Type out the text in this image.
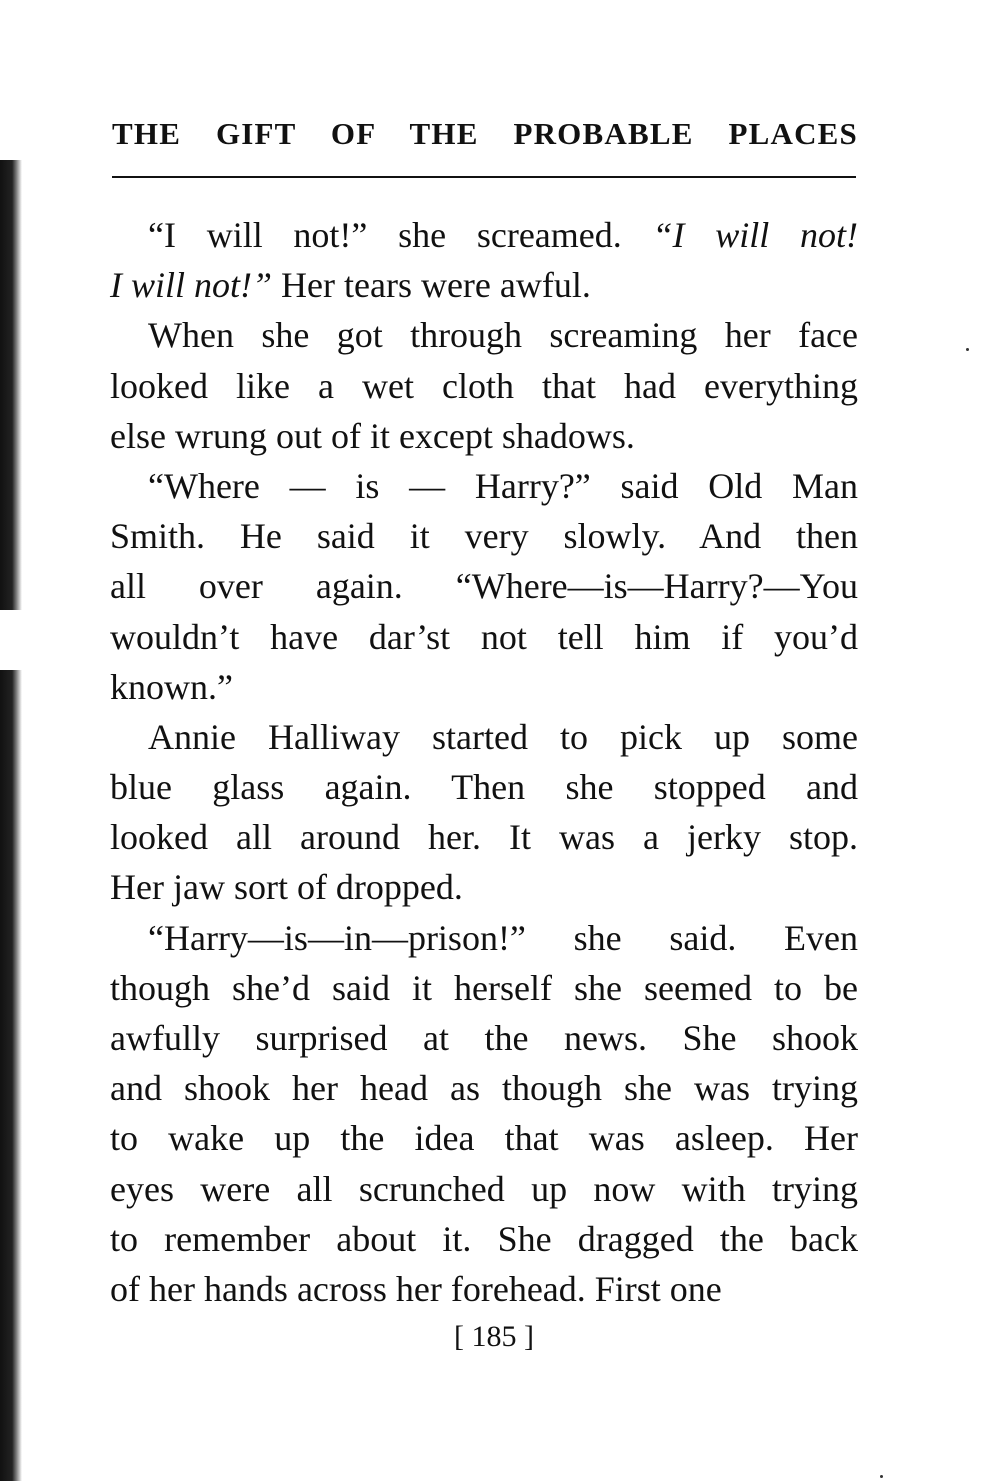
THE GIFT OF THE PROBABLE PLACES
“I will not!” she screamed. “I will not!
I will not!” Her tears were awful.
When she got through screaming her face
looked like a wet cloth that had everything
else wrung out of it except shadows.
“Where — is — Harry?” said Old Man
Smith. He said it very slowly. And then
all over again. “Where—is—Harry?—You
wouldn’t have dar’st not tell him if you’d
known.”
Annie Halliway started to pick up some
blue glass again. Then she stopped and
looked all around her. It was a jerky stop.
Her jaw sort of dropped.
“Harry—is—in—prison!” she said. Even
though she’d said it herself she seemed to be
awfully surprised at the news. She shook
and shook her head as though she was trying
to wake up the idea that was asleep. Her
eyes were all scrunched up now with trying
to remember about it. She dragged the back
of her hands across her forehead. First one
[ 185 ]
